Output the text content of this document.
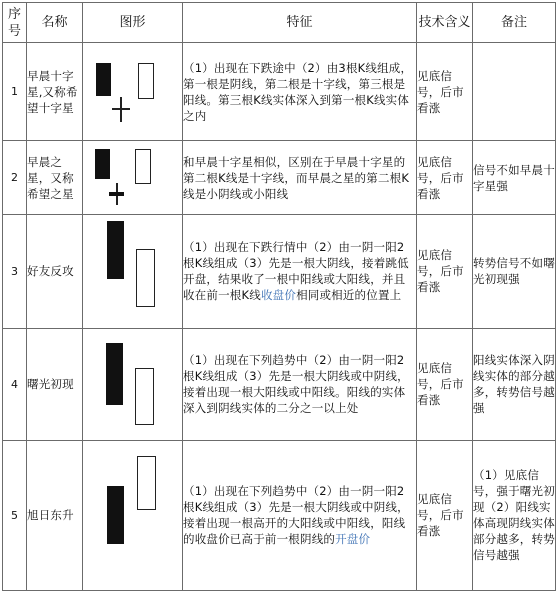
序号	名称	图形	特征	技术含义	备注
1	早晨十字星,又称希望十字星		（1）出现在下跌途中（2）由3根K线组成，第一根是阴线，第二根是十字线，第三根是阳线。第三根K线实体深入到第一根K线实体之内	见底信号，后市看涨	
2	早晨之星，又称希望之星		和早晨十字星相似，区别在于早晨十字星的第二根K线是十字线，而早晨之星的第二根K线是小阴线或小阳线	见底信号，后市看涨	信号不如早晨十字星强
3	好友反攻		（1）出现在下跌行情中（2）由一阴一阳2根K线组成（3）先是一根大阴线，接着跳低开盘，结果收了一根中阳线或大阳线，并且收在前一根K线收盘价相同或相近的位置上	见底信号，后市看涨	转势信号不如曙光初现强
4	曙光初现		（1）出现在下列趋势中（2）由一阴一阳2根K线组成（3）先是一根大阴线或中阴线，接着出现一根大阳线或中阳线。阳线的实体深入到阴线实体的二分之一以上处	见底信号，后市看涨	阳线实体深入阴线实体的部分越多，转势信号越强
5	旭日东升		（1）出现在下列趋势中（2）由一阴一阳2根K线组成（3）先是一根大阴线或中阴线，接着出现一根高开的大阳线或中阳线，阳线的收盘价已高于前一根阴线的开盘价	见底信号，后市看涨	（1）见底信号，强于曙光初现（2）阳线实体高现阴线实体部分越多，转势信号越强
